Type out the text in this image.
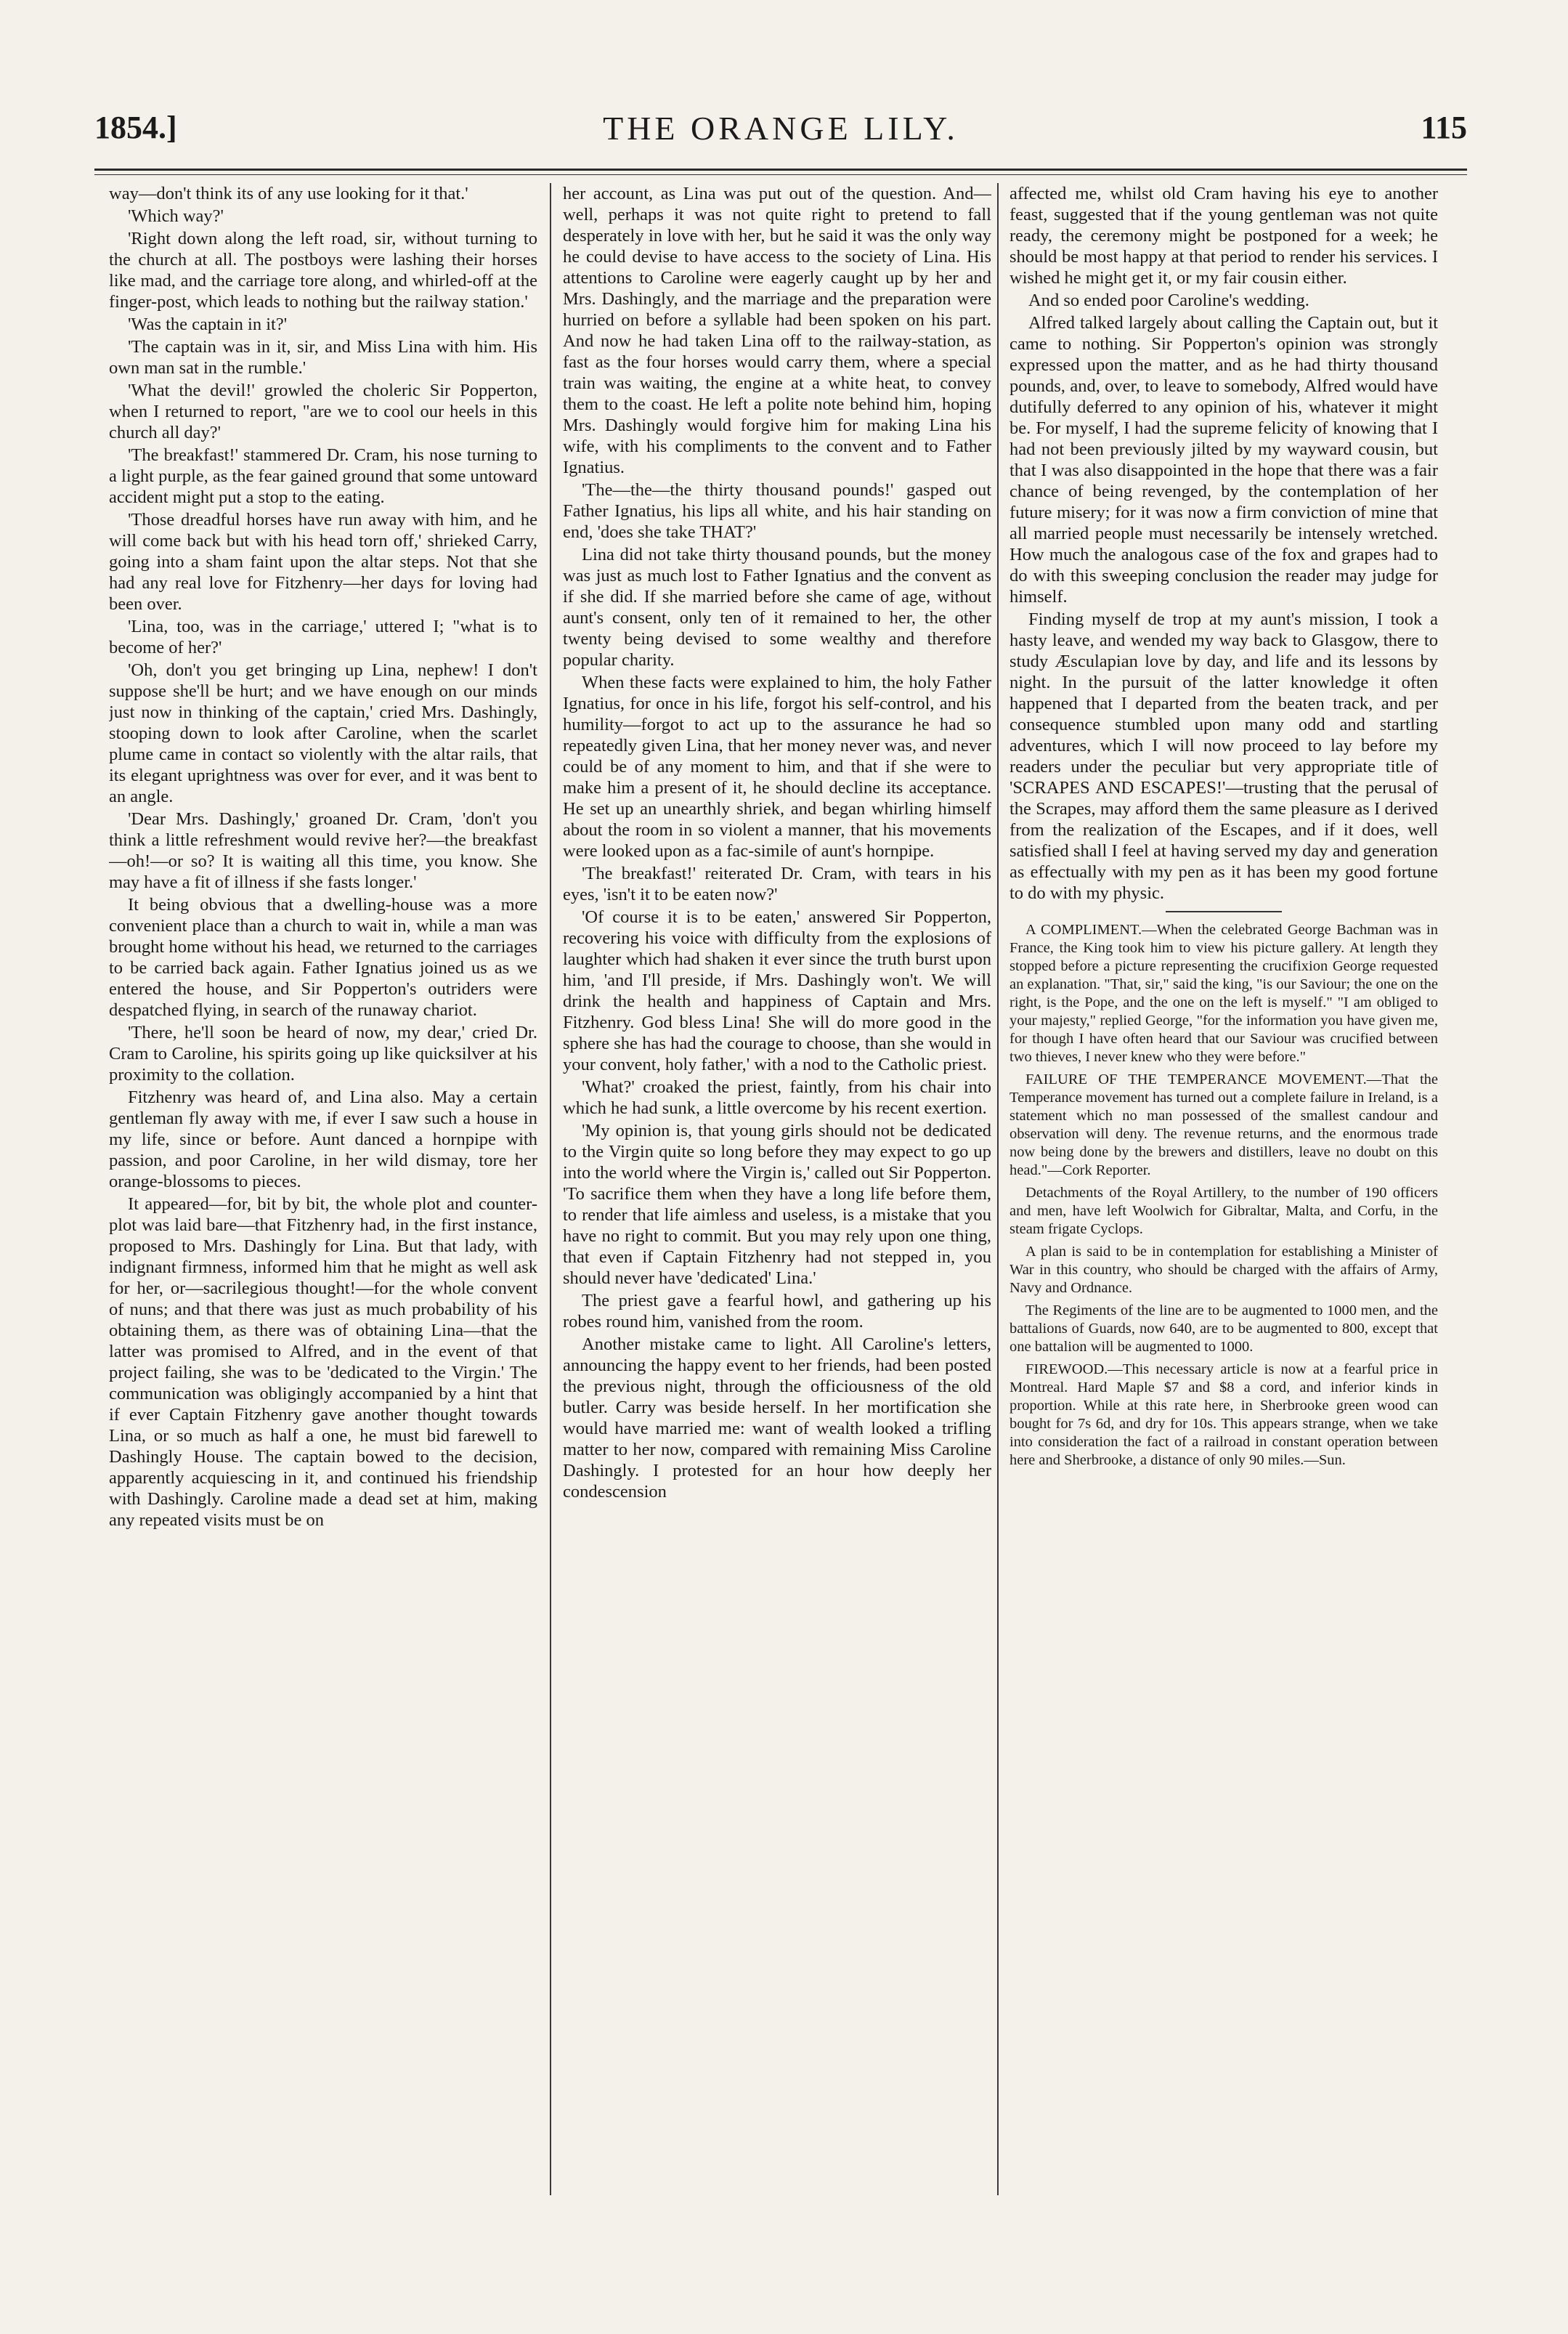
1854.]	THE ORANGE LILY.	115

way—don't think its of any use looking for it that.'

'Which way?'

'Right down along the left road, sir, without turning to the church at all. The postboys were lashing their horses like mad, and the carriage tore along, and whirled-off at the finger-post, which leads to nothing but the railway station.'

'Was the captain in it?'

'The captain was in it, sir, and Miss Lina with him. His own man sat in the rumble.'

'What the devil!' growled the choleric Sir Popperton, when I returned to report, "are we to cool our heels in this church all day?'

'The breakfast!' stammered Dr. Cram, his nose turning to a light purple, as the fear gained ground that some untoward accident might put a stop to the eating.

'Those dreadful horses have run away with him, and he will come back but with his head torn off,' shrieked Carry, going into a sham faint upon the altar steps. Not that she had any real love for Fitzhenry—her days for loving had been over.

'Lina, too, was in the carriage,' uttered I; "what is to become of her?'

'Oh, don't you get bringing up Lina, nephew! I don't suppose she'll be hurt; and we have enough on our minds just now in thinking of the captain,' cried Mrs. Dashingly, stooping down to look after Caroline, when the scarlet plume came in contact so violently with the altar rails, that its elegant uprightness was over for ever, and it was bent to an angle.

'Dear Mrs. Dashingly,' groaned Dr. Cram, 'don't you think a little refreshment would revive her?—the breakfast—oh!—or so? It is waiting all this time, you know. She may have a fit of illness if she fasts longer.'

It being obvious that a dwelling-house was a more convenient place than a church to wait in, while a man was brought home without his head, we returned to the carriages to be carried back again. Father Ignatius joined us as we entered the house, and Sir Popperton's outriders were despatched flying, in search of the runaway chariot.

'There, he'll soon be heard of now, my dear,' cried Dr. Cram to Caroline, his spirits going up like quicksilver at his proximity to the collation.

Fitzhenry was heard of, and Lina also. May a certain gentleman fly away with me, if ever I saw such a house in my life, since or before. Aunt danced a hornpipe with passion, and poor Caroline, in her wild dismay, tore her orange-blossoms to pieces.

It appeared—for, bit by bit, the whole plot and counter-plot was laid bare—that Fitzhenry had, in the first instance, proposed to Mrs. Dashingly for Lina. But that lady, with indignant firmness, informed him that he might as well ask for her, or—sacrilegious thought!—for the whole convent of nuns; and that there was just as much probability of his obtaining them, as there was of obtaining Lina—that the latter was promised to Alfred, and in the event of that project failing, she was to be 'dedicated to the Virgin.' The communication was obligingly accompanied by a hint that if ever Captain Fitzhenry gave another thought towards Lina, or so much as half a one, he must bid farewell to Dashingly House. The captain bowed to the decision, apparently acquiescing in it, and continued his friendship with Dashingly. Caroline made a dead set at him, making any repeated visits must be on

her account, as Lina was put out of the question. And—well, perhaps it was not quite right to pretend to fall desperately in love with her, but he said it was the only way he could devise to have access to the society of Lina. His attentions to Caroline were eagerly caught up by her and Mrs. Dashingly, and the marriage and the preparation were hurried on before a syllable had been spoken on his part. And now he had taken Lina off to the railway-station, as fast as the four horses would carry them, where a special train was waiting, the engine at a white heat, to convey them to the coast. He left a polite note behind him, hoping Mrs. Dashingly would forgive him for making Lina his wife, with his compliments to the convent and to Father Ignatius.

'The—the—the thirty thousand pounds!' gasped out Father Ignatius, his lips all white, and his hair standing on end, 'does she take THAT?'

Lina did not take thirty thousand pounds, but the money was just as much lost to Father Ignatius and the convent as if she did. If she married before she came of age, without aunt's consent, only ten of it remained to her, the other twenty being devised to some wealthy and therefore popular charity.

When these facts were explained to him, the holy Father Ignatius, for once in his life, forgot his self-control, and his humility—forgot to act up to the assurance he had so repeatedly given Lina, that her money never was, and never could be of any moment to him, and that if she were to make him a present of it, he should decline its acceptance. He set up an unearthly shriek, and began whirling himself about the room in so violent a manner, that his movements were looked upon as a fac-simile of aunt's hornpipe.

'The breakfast!' reiterated Dr. Cram, with tears in his eyes, 'isn't it to be eaten now?'

'Of course it is to be eaten,' answered Sir Popperton, recovering his voice with difficulty from the explosions of laughter which had shaken it ever since the truth burst upon him, 'and I'll preside, if Mrs. Dashingly won't. We will drink the health and happiness of Captain and Mrs. Fitzhenry. God bless Lina! She will do more good in the sphere she has had the courage to choose, than she would in your convent, holy father,' with a nod to the Catholic priest.

'What?' croaked the priest, faintly, from his chair into which he had sunk, a little overcome by his recent exertion.

'My opinion is, that young girls should not be dedicated to the Virgin quite so long before they may expect to go up into the world where the Virgin is,' called out Sir Popperton. 'To sacrifice them when they have a long life before them, to render that life aimless and useless, is a mistake that you have no right to commit. But you may rely upon one thing, that even if Captain Fitzhenry had not stepped in, you should never have 'dedicated' Lina.'

The priest gave a fearful howl, and gathering up his robes round him, vanished from the room.

Another mistake came to light. All Caroline's letters, announcing the happy event to her friends, had been posted the previous night, through the officiousness of the old butler. Carry was beside herself. In her mortification she would have married me: want of wealth looked a trifling matter to her now, compared with remaining Miss Caroline Dashingly. I protested for an hour how deeply her condescension

affected me, whilst old Cram having his eye to another feast, suggested that if the young gentleman was not quite ready, the ceremony might be postponed for a week; he should be most happy at that period to render his services. I wished he might get it, or my fair cousin either.

And so ended poor Caroline's wedding.

Alfred talked largely about calling the Captain out, but it came to nothing. Sir Popperton's opinion was strongly expressed upon the matter, and as he had thirty thousand pounds, and, over, to leave to somebody, Alfred would have dutifully deferred to any opinion of his, whatever it might be. For myself, I had the supreme felicity of knowing that I had not been previously jilted by my wayward cousin, but that I was also disappointed in the hope that there was a fair chance of being revenged, by the contemplation of her future misery; for it was now a firm conviction of mine that all married people must necessarily be intensely wretched. How much the analogous case of the fox and grapes had to do with this sweeping conclusion the reader may judge for himself.

Finding myself de trop at my aunt's mission, I took a hasty leave, and wended my way back to Glasgow, there to study Æsculapian love by day, and life and its lessons by night. In the pursuit of the latter knowledge it often happened that I departed from the beaten track, and per consequence stumbled upon many odd and startling adventures, which I will now proceed to lay before my readers under the peculiar but very appropriate title of 'SCRAPES AND ESCAPES!'—trusting that the perusal of the Scrapes, may afford them the same pleasure as I derived from the realization of the Escapes, and if it does, well satisfied shall I feel at having served my day and generation as effectually with my pen as it has been my good fortune to do with my physic.

A COMPLIMENT.—When the celebrated George Bachman was in France, the King took him to view his picture gallery. At length they stopped before a picture representing the crucifixion George requested an explanation. "That, sir," said the king, "is our Saviour; the one on the right, is the Pope, and the one on the left is myself." "I am obliged to your majesty," replied George, "for the information you have given me, for though I have often heard that our Saviour was crucified between two thieves, I never knew who they were before."

FAILURE OF THE TEMPERANCE MOVEMENT.—That the Temperance movement has turned out a complete failure in Ireland, is a statement which no man possessed of the smallest candour and observation will deny. The revenue returns, and the enormous trade now being done by the brewers and distillers, leave no doubt on this head."—Cork Reporter.

Detachments of the Royal Artillery, to the number of 190 officers and men, have left Woolwich for Gibraltar, Malta, and Corfu, in the steam frigate Cyclops.

A plan is said to be in contemplation for establishing a Minister of War in this country, who should be charged with the affairs of Army, Navy and Ordnance.

The Regiments of the line are to be augmented to 1000 men, and the battalions of Guards, now 640, are to be augmented to 800, except that one battalion will be augmented to 1000.

FIREWOOD.—This necessary article is now at a fearful price in Montreal. Hard Maple $7 and $8 a cord, and inferior kinds in proportion. While at this rate here, in Sherbrooke green wood can bought for 7s 6d, and dry for 10s. This appears strange, when we take into consideration the fact of a railroad in constant operation between here and Sherbrooke, a distance of only 90 miles.—Sun.
